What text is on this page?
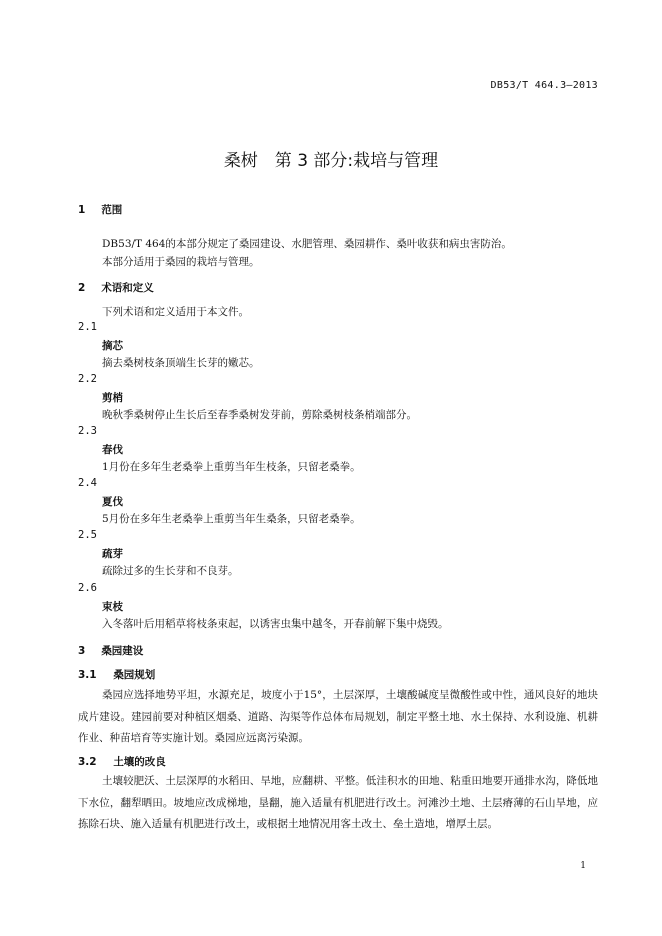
DB53/T 464.3—2013
桑树　第 3 部分:栽培与管理
1 范围
DB53/T 464的本部分规定了桑园建设、水肥管理、桑园耕作、桑叶收获和病虫害防治。
本部分适用于桑园的栽培与管理。
2 术语和定义
下列术语和定义适用于本文件。
2.1
摘芯
摘去桑树枝条顶端生长芽的嫩芯。
2.2
剪梢
晚秋季桑树停止生长后至春季桑树发芽前，剪除桑树枝条梢端部分。
2.3
春伐
1月份在多年生老桑拳上重剪当年生枝条，只留老桑拳。
2.4
夏伐
5月份在多年生老桑拳上重剪当年生桑条，只留老桑拳。
2.5
疏芽
疏除过多的生长芽和不良芽。
2.6
束枝
入冬落叶后用稻草将枝条束起，以诱害虫集中越冬，开春前解下集中烧毁。
3 桑园建设
3.1 桑园规划
桑园应选择地势平坦，水源充足，坡度小于15°，土层深厚，土壤酸碱度呈微酸性或中性，通风良好的地块成片建设。建园前要对种植区烟桑、道路、沟渠等作总体布局规划，制定平整土地、水土保持、水利设施、机耕作业、种苗培育等实施计划。桑园应远离污染源。
3.2 土壤的改良
土壤较肥沃、土层深厚的水稻田、旱地，应翻耕、平整。低洼积水的田地、粘重田地要开通排水沟，降低地下水位，翻犁晒田。坡地应改成梯地，垦翻，施入适量有机肥进行改土。河滩沙土地、土层瘠薄的石山旱地，应拣除石块、施入适量有机肥进行改土，或根据土地情况用客土改土、垒土造地，增厚土层。
1
